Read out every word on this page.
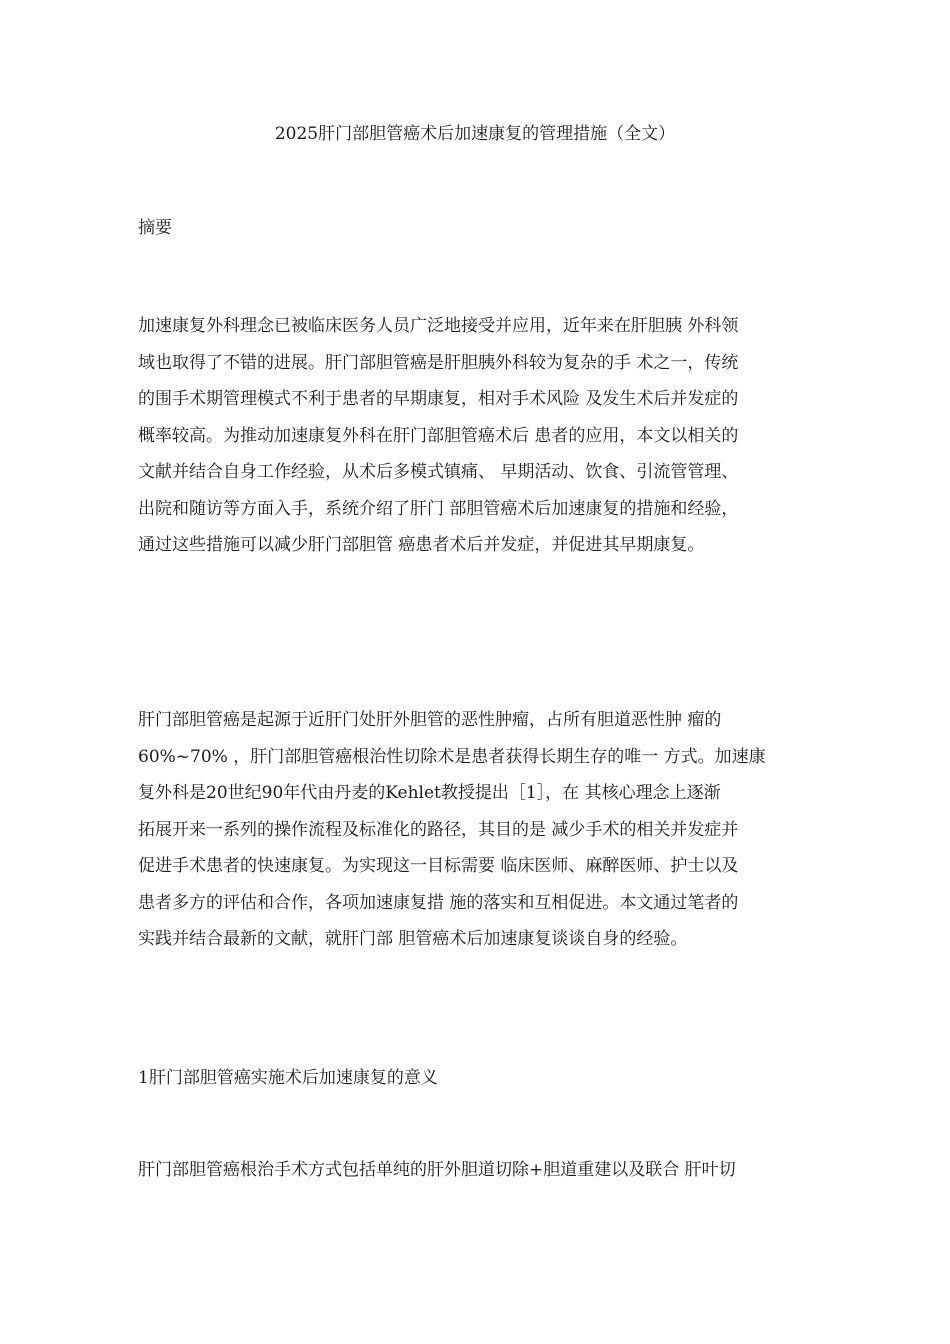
2025肝门部胆管癌术后加速康复的管理措施（全文）
摘要
加速康复外科理念已被临床医务人员广泛地接受并应用，近年来在肝胆胰 外科领
域也取得了不错的进展。肝门部胆管癌是肝胆胰外科较为复杂的手 术之一，传统
的围手术期管理模式不利于患者的早期康复，相对手术风险 及发生术后并发症的
概率较高。为推动加速康复外科在肝门部胆管癌术后 患者的应用，本文以相关的
文献并结合自身工作经验，从术后多模式镇痛、 早期活动、饮食、引流管管理、
出院和随访等方面入手，系统介绍了肝门 部胆管癌术后加速康复的措施和经验，
通过这些措施可以减少肝门部胆管 癌患者术后并发症，并促进其早期康复。
肝门部胆管癌是起源于近肝门处肝外胆管的恶性肿瘤，占所有胆道恶性肿 瘤的
60%~70% ，肝门部胆管癌根治性切除术是患者获得长期生存的唯一 方式。加速康
复外科是20世纪90年代由丹麦的Kehlet教授提出［1］，在 其核心理念上逐渐
拓展开来一系列的操作流程及标准化的路径，其目的是 减少手术的相关并发症并
促进手术患者的快速康复。为实现这一目标需要 临床医师、麻醉医师、护士以及
患者多方的评估和合作，各项加速康复措 施的落实和互相促进。本文通过笔者的
实践并结合最新的文献，就肝门部 胆管癌术后加速康复谈谈自身的经验。
1肝门部胆管癌实施术后加速康复的意义
肝门部胆管癌根治手术方式包括单纯的肝外胆道切除+胆道重建以及联合 肝叶切
